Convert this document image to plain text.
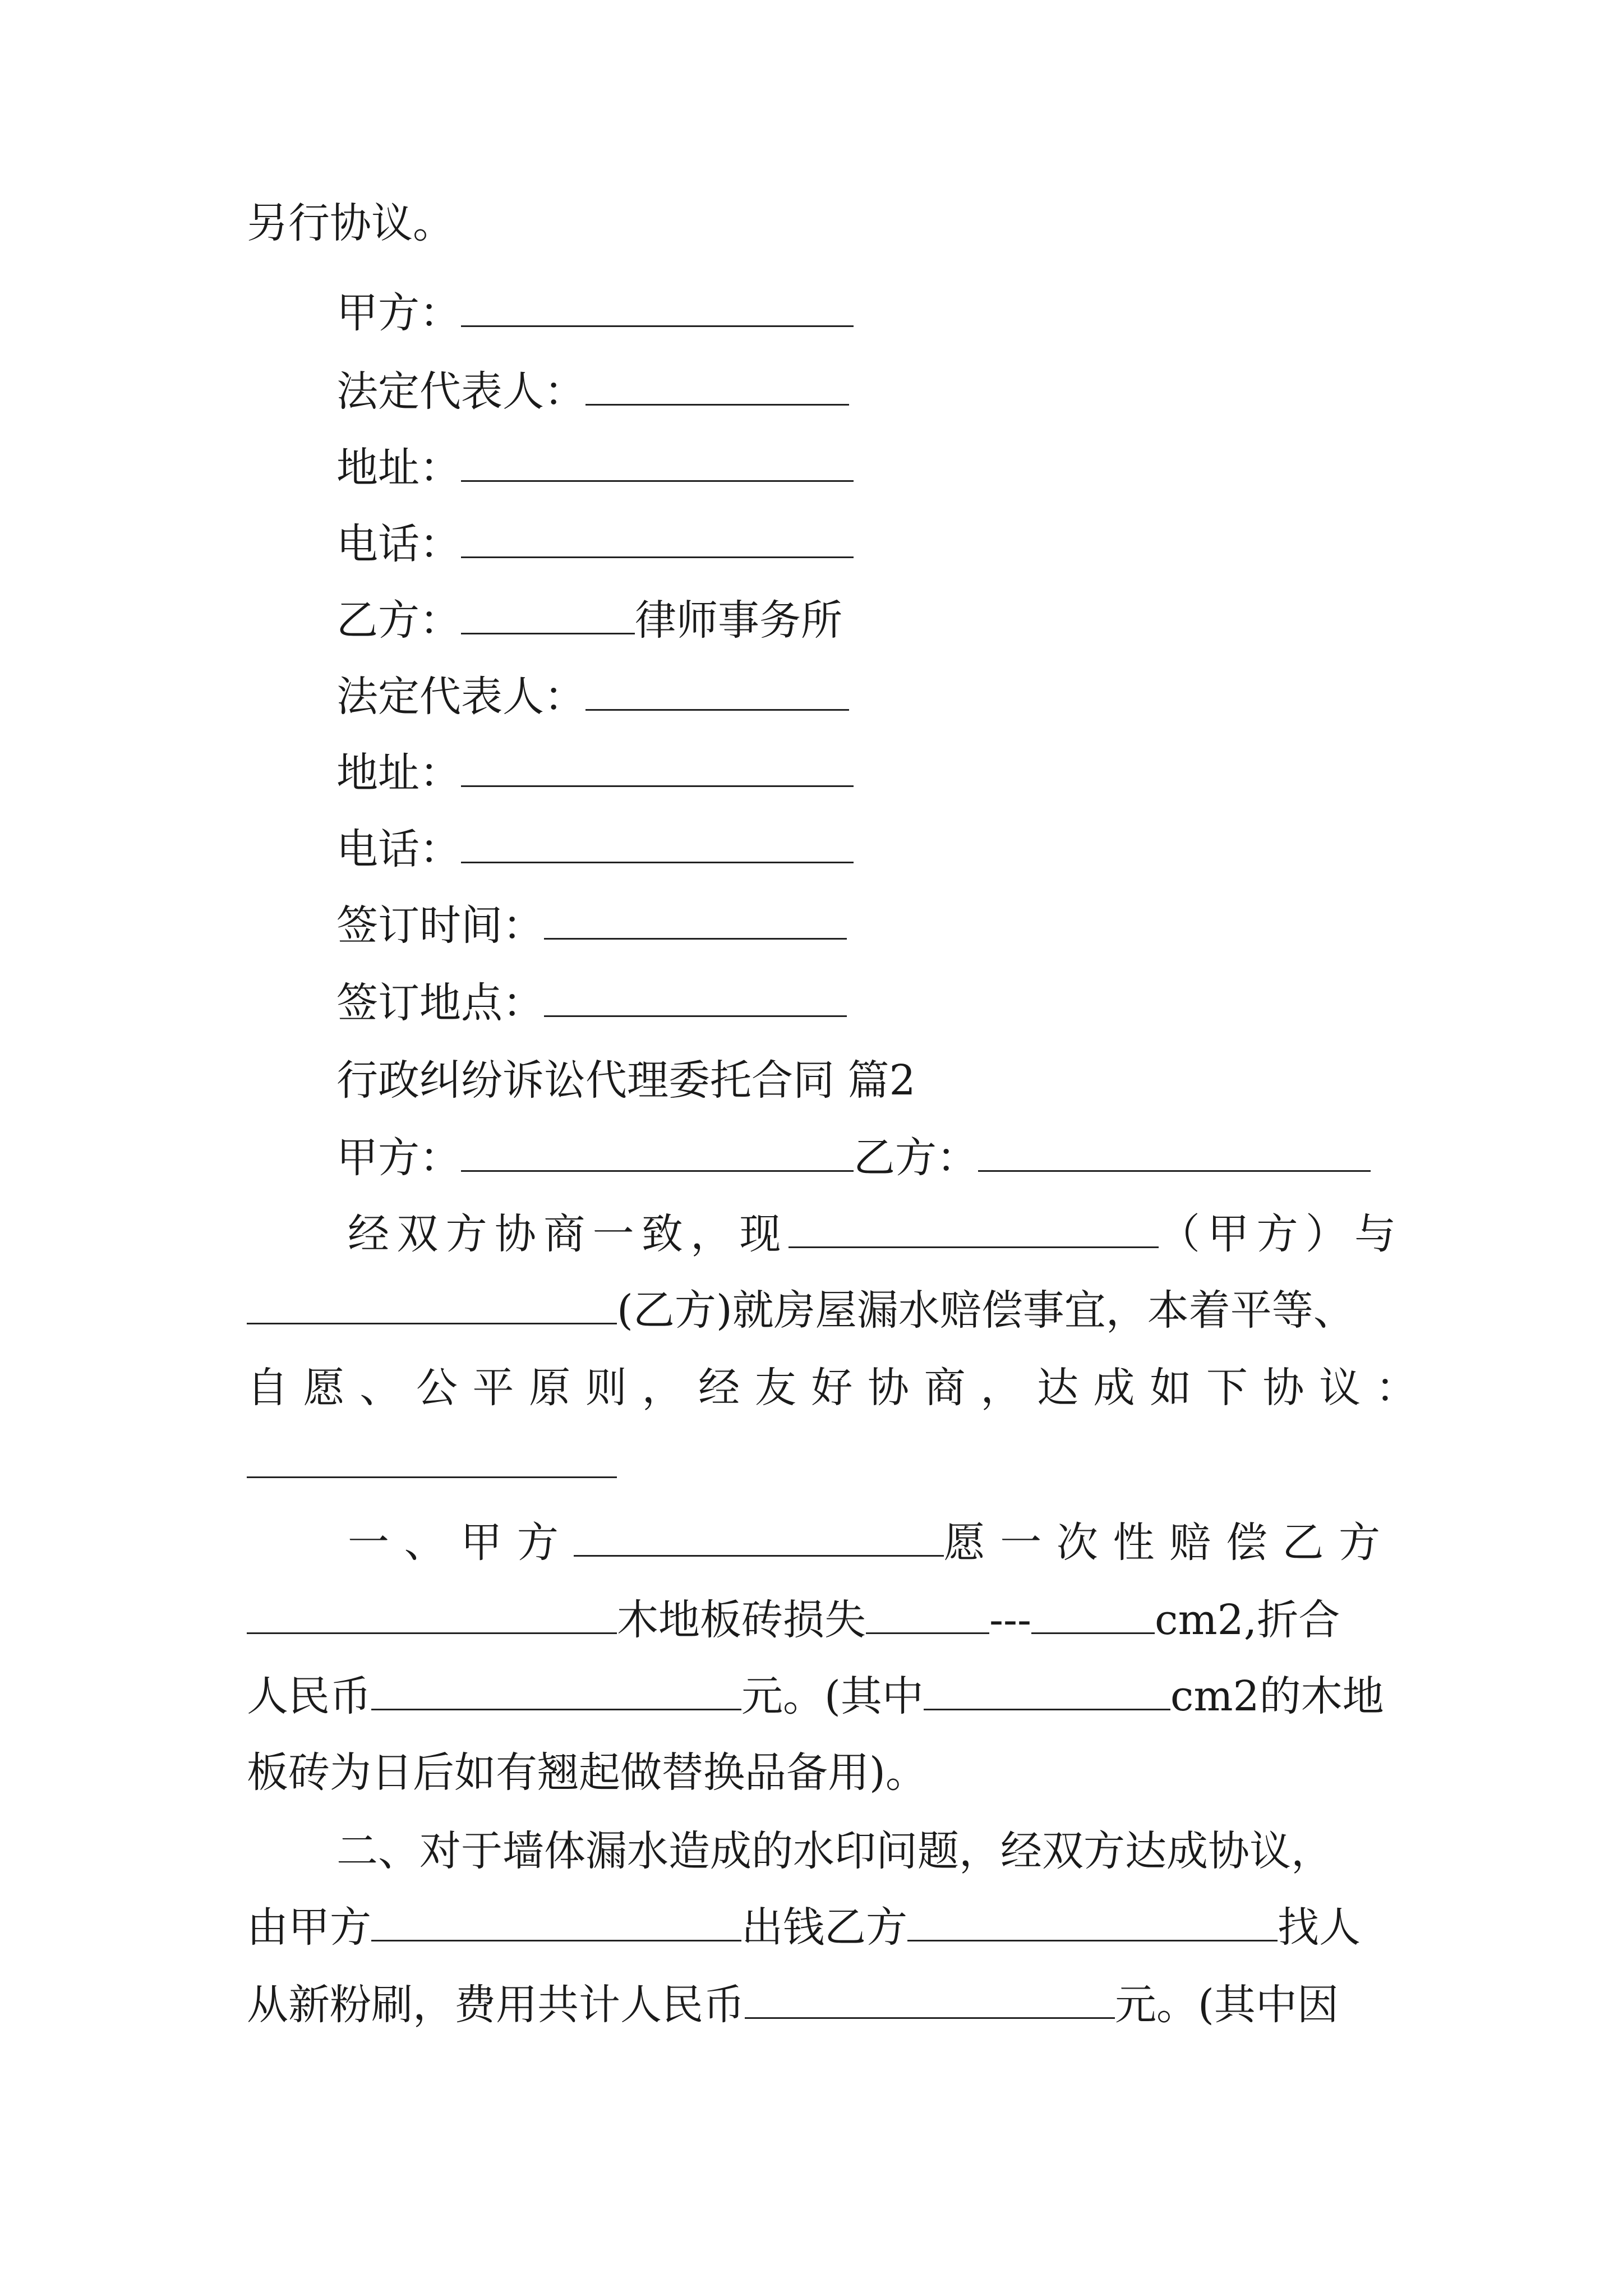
另行协议。
甲方：
法定代表人：
地址：
电话：
乙方：	律师事务所
法定代表人：
地址：
电话：
签订时间：
签订地点：
行政纠纷诉讼代理委托合同 篇2
甲方：	乙方：
经双方协商一致，现	（甲方）与
(乙方)就房屋漏水赔偿事宜，本着平等、
自愿、公平原则，经友好协商，达成如下协议：
一、甲方	愿一次性赔偿乙方
木地板砖损失	---	cm2,折合
人民币	元。(其中	cm2的木地
板砖为日后如有翘起做替换品备用)。
二、对于墙体漏水造成的水印问题，经双方达成协议，
由甲方	出钱乙方	找人
从新粉刷，费用共计人民币	元。(其中因
